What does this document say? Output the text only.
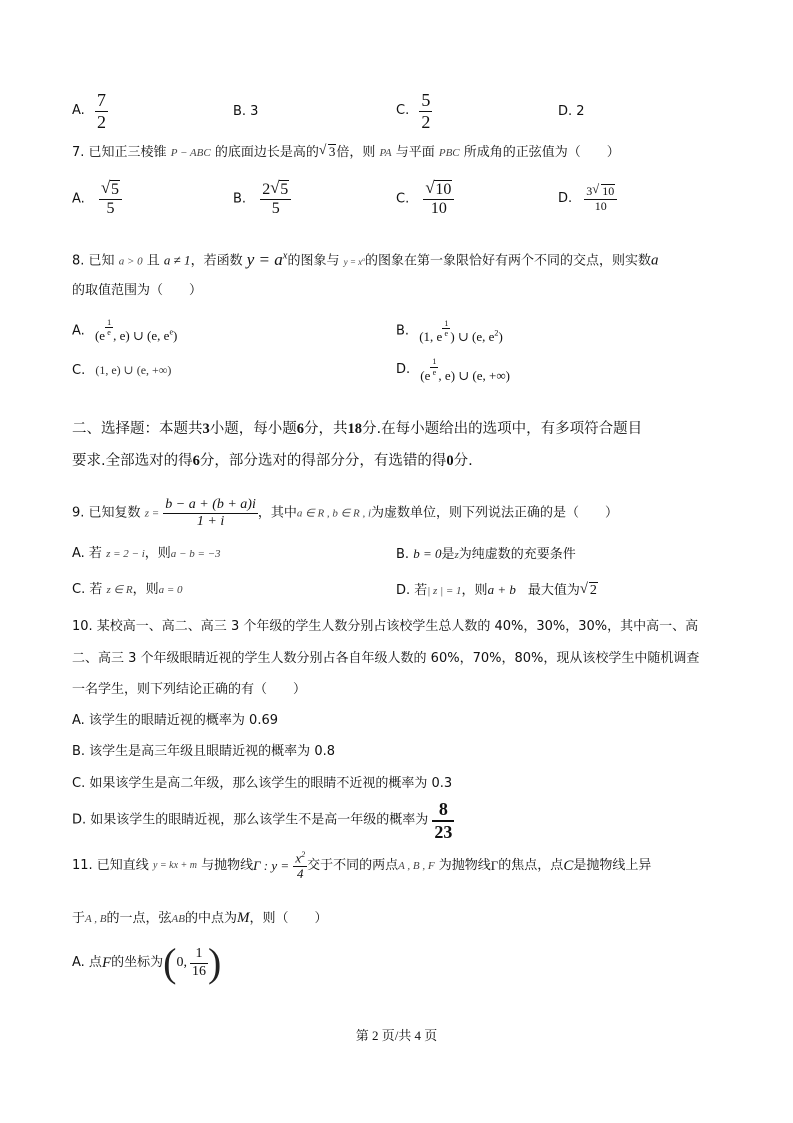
A. $\frac{7}{2}$	B. 3	C. $\frac{5}{2}$	D. 2
7. 已知正三棱锥 P − ABC 的底面边长是高的 √ 3倍，则 PA 与平面 PBC 所成角的正弦值为（　　）
A. $\frac{√ 5}{5}$	B. $\frac{2 √ 5}{5}$	C. $\frac{√ 10}{10}$	D. $\frac{3 √ 10}{10}$
8. 已知 a > 0 且 a ≠ 1，若函数 $y = a^x$的图象与 $y = x^a$的图象在第一象限恰好有两个不同的交点，则实数a
的取值范围为（　　）
A. ($e \frac{1}{e}$ , e) ∪ (e, $e^e$)	B. (1, e $\frac{1}{e}$ ) ∪ (e, $e^2$)
C. (1, e) ∪ (e, +∞)	D. ($e \frac{1}{e}$ , e) ∪ (e, +∞)
二、选择题：本题共3小题，每小题6分，共18分.在每小题给出的选项中，有多项符合题目
要求.全部选对的得6分，部分选对的得部分分，有选错的得0分.
9. 已知复数 $z = \frac{b - a + (b + a)i}{1 + i}$ ，其中a ∈ R , b ∈ R , i为虚数单位，则下列说法正确的是（　　）
A. 若 z = 2 − i，则a − b = −3	B. b = 0是z为纯虚数的充要条件
C. 若 z ∈ R，则a = 0	D. 若| z | = 1，则a + b 最大值为 √ 2
10. 某校高一、高二、高三 3 个年级的学生人数分别占该校学生总人数的 40%，30%，30%，其中高一、高
二、高三 3 个年级眼睛近视的学生人数分别占各自年级人数的 60%，70%，80%，现从该校学生中随机调查
一名学生，则下列结论正确的有（　　）
A. 该学生的眼睛近视的概率为 0.69
B. 该学生是高三年级且眼睛近视的概率为 0.8
C. 如果该学生是高二年级，那么该学生的眼睛不近视的概率为 0.3
D. 如果该学生的眼睛近视，那么该学生不是高一年级的概率为 $\frac{8}{23}$
11. 已知直线 y = kx + m 与抛物线Γ : $y = \frac{x^2}{4}$ 交于不同的两点A , B , F 为抛物线Γ的焦点，点C是抛物线上异
于A , B的一点，弦AB的中点为M，则（　　）
A. 点F的坐标为(0, $\frac{1}{16}$ )
第 2 页/共 4 页
